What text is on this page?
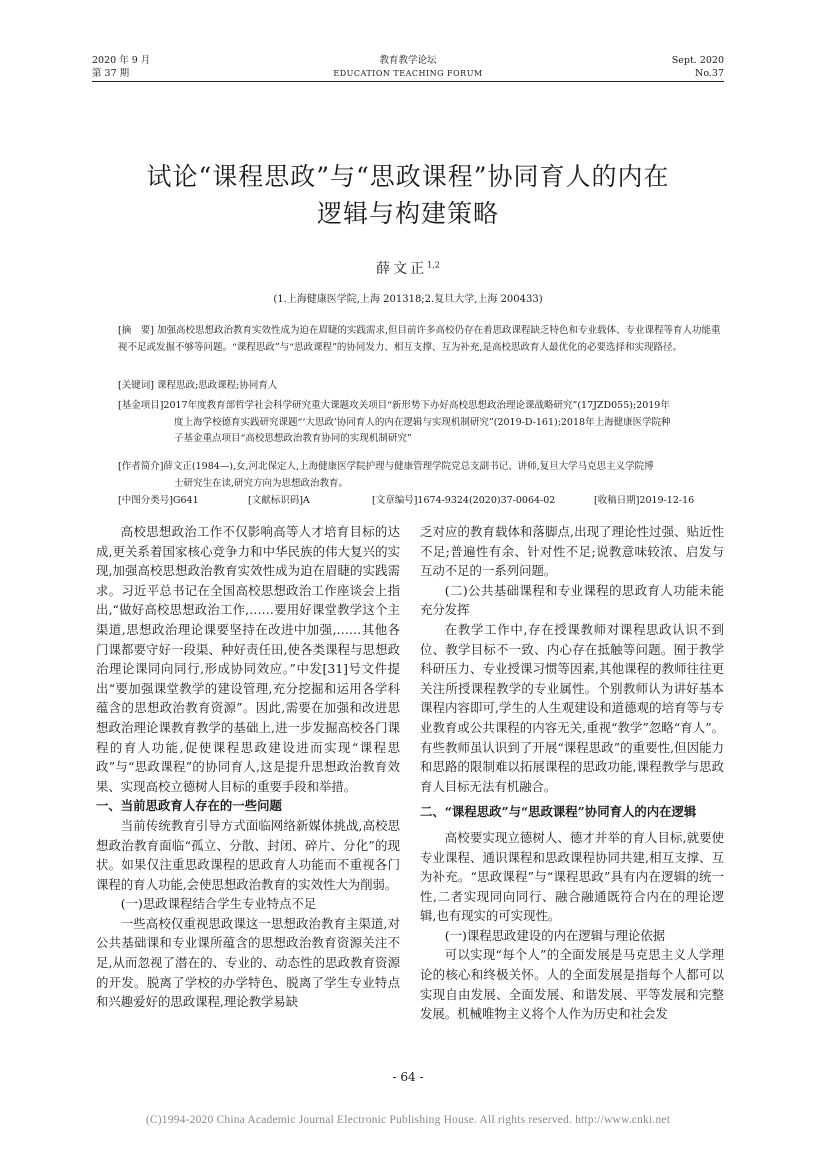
2020 年 9 月
第 37 期
教育教学论坛
EDUCATION TEACHING FORUM
Sept. 2020
No.37
试论“课程思政”与“思政课程”协同育人的内在
逻辑与构建策略
薛文正$^{1,2}$
(1.上海健康医学院,上海 201318;2.复旦大学,上海 200433)
[摘　要] 加强高校思想政治教育实效性成为迫在眉睫的实践需求,但目前许多高校仍存在着思政课程缺乏特色和专业载体、专业课程等育人功能重视不足或发掘不够等问题。“课程思政”与“思政课程”的协同发力、相互支撑、互为补充,是高校思政育人最优化的必要选择和实现路径。
[关键词] 课程思政;思政课程;协同育人
[基金项目]2017年度教育部哲学社会科学研究重大课题攻关项目“新形势下办好高校思想政治理论课战略研究”(17JZD055);2019年
度上海学校德育实践研究课题“‘大思政’协同育人的内在逻辑与实现机制研究”(2019-D-161);2018年上海健康医学院种
子基金重点项目“高校思想政治教育协同的实现机制研究”
[作者简介]薛文正(1984—),女,河北保定人,上海健康医学院护理与健康管理学院党总支副书记、讲师,复旦大学马克思主义学院博
士研究生在读,研究方向为思想政治教育。
[中图分类号]G641	[文献标识码]A	[文章编号]1674-9324(2020)37-0064-02	[收稿日期]2019-12-16

高校思想政治工作不仅影响高等人才培育目标的达成,更关系着国家核心竞争力和中华民族的伟大复兴的实现,加强高校思想政治教育实效性成为迫在眉睫的实践需求。习近平总书记在全国高校思想政治工作座谈会上指出,“做好高校思想政治工作,……要用好课堂教学这个主渠道,思想政治理论课要坚持在改进中加强,……其他各门课都要守好一段渠、种好责任田,使各类课程与思想政治理论课同向同行,形成协同效应。”中发[31]号文件提出“要加强课堂教学的建设管理,充分挖掘和运用各学科蕴含的思想政治教育资源”。因此,需要在加强和改进思想政治理论课教育教学的基础上,进一步发掘高校各门课程的育人功能,促使课程思政建设进而实现“课程思政”与“思政课程”的协同育人,这是提升思想政治教育效果、实现高校立德树人目标的重要手段和举措。

一、当前思政育人存在的一些问题

当前传统教育引导方式面临网络新媒体挑战,高校思想政治教育面临“孤立、分散、封闭、碎片、分化”的现状。如果仅注重思政课程的思政育人功能而不重视各门课程的育人功能,会使思想政治教育的实效性大为削弱。

(一)思政课程结合学生专业特点不足

一些高校仅重视思政课这一思想政治教育主渠道,对公共基础课和专业课所蕴含的思想政治教育资源关注不足,从而忽视了潜在的、专业的、动态性的思政教育资源的开发。脱离了学校的办学特色、脱离了学生专业特点和兴趣爱好的思政课程,理论教学易缺

乏对应的教育载体和落脚点,出现了理论性过强、贴近性不足;普遍性有余、针对性不足;说教意味较浓、启发与互动不足的一系列问题。

(二)公共基础课程和专业课程的思政育人功能未能充分发挥

在教学工作中,存在授课教师对课程思政认识不到位、教学目标不一致、内心存在抵触等问题。囿于教学科研压力、专业授课习惯等因素,其他课程的教师往往更关注所授课程教学的专业属性。个别教师认为讲好基本课程内容即可,学生的人生观建设和道德观的培育等与专业教育或公共课程的内容无关,重视“教学”忽略“育人”。有些教师虽认识到了开展“课程思政”的重要性,但因能力和思路的限制难以拓展课程的思政功能,课程教学与思政育人目标无法有机融合。

二、“课程思政”与“思政课程”协同育人的内在逻辑

高校要实现立德树人、德才并举的育人目标,就要使专业课程、通识课程和思政课程协同共建,相互支撑、互为补充。“思政课程”与“课程思政”具有内在逻辑的统一性,二者实现同向同行、融合融通既符合内在的理论逻辑,也有现实的可实现性。

(一)课程思政建设的内在逻辑与理论依据

可以实现“每个人”的全面发展是马克思主义人学理论的核心和终极关怀。人的全面发展是指每个人都可以实现自由发展、全面发展、和谐发展、平等发展和完整发展。机械唯物主义将个人作为历史和社会发

- 64 -
(C)1994-2020 China Academic Journal Electronic Publishing House. All rights reserved. http://www.cnki.net
